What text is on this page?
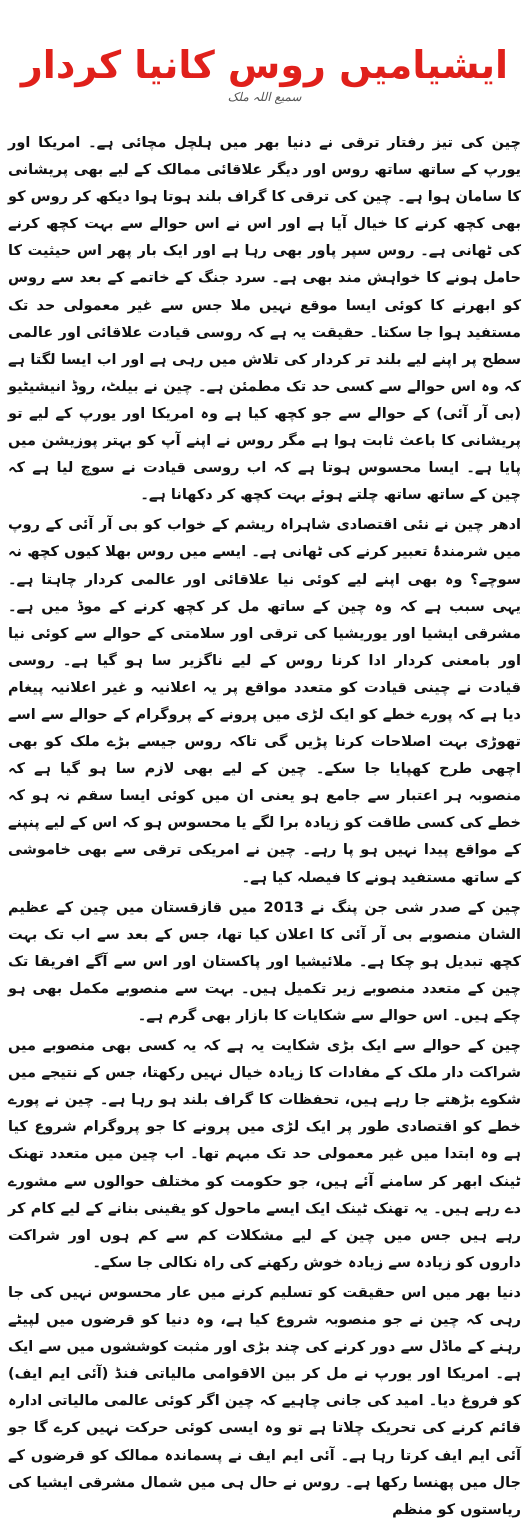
ایشیامیں روس کانیا کردار
سمیع اللہ ملک

چین کی تیز رفتار ترقی نے دنیا بھر میں ہلچل مچائی ہے۔ امریکا اور یورپ کے ساتھ ساتھ روس اور دیگر علاقائی ممالک کے لیے بھی پریشانی کا سامان ہوا ہے۔ چین کی ترقی کا گراف بلند ہوتا ہوا دیکھ کر روس کو بھی کچھ کرنے کا خیال آیا ہے اور اس نے اس حوالے سے بہت کچھ کرنے کی ٹھانی ہے۔ روس سپر پاور بھی رہا ہے اور ایک بار پھر اس حیثیت کا حامل ہونے کا خواہش مند بھی ہے۔ سرد جنگ کے خاتمے کے بعد سے روس کو ابھرنے کا کوئی ایسا موقع نہیں ملا جس سے غیر معمولی حد تک مستفید ہوا جا سکتا۔ حقیقت یہ ہے کہ روسی قیادت علاقائی اور عالمی سطح پر اپنے لیے بلند تر کردار کی تلاش میں رہی ہے اور اب ایسا لگتا ہے کہ وہ اس حوالے سے کسی حد تک مطمئن ہے۔ چین نے بیلٹ، روڈ انیشیٹیو (بی آر آئی) کے حوالے سے جو کچھ کیا ہے وہ امریکا اور یورپ کے لیے تو پریشانی کا باعث ثابت ہوا ہے مگر روس نے اپنے آپ کو بہتر پوزیشن میں پایا ہے۔ ایسا محسوس ہوتا ہے کہ اب روسی قیادت نے سوچ لیا ہے کہ چین کے ساتھ ساتھ چلتے ہوئے بہت کچھ کر دکھانا ہے۔

ادھر چین نے نئی اقتصادی شاہراہ ریشم کے خواب کو بی آر آئی کے روپ میں شرمندۂ تعبیر کرنے کی ٹھانی ہے۔ ایسے میں روس بھلا کیوں کچھ نہ سوچے؟ وہ بھی اپنے لیے کوئی نیا علاقائی اور عالمی کردار چاہتا ہے۔ یہی سبب ہے کہ وہ چین کے ساتھ مل کر کچھ کرنے کے موڈ میں ہے۔ مشرقی ایشیا اور یوریشیا کی ترقی اور سلامتی کے حوالے سے کوئی نیا اور بامعنی کردار ادا کرنا روس کے لیے ناگزیر سا ہو گیا ہے۔ روسی قیادت نے چینی قیادت کو متعدد مواقع پر یہ اعلانیہ و غیر اعلانیہ پیغام دیا ہے کہ پورے خطے کو ایک لڑی میں پرونے کے پروگرام کے حوالے سے اسے تھوڑی بہت اصلاحات کرنا پڑیں گی تاکہ روس جیسے بڑے ملک کو بھی اچھی طرح کھپایا جا سکے۔ چین کے لیے بھی لازم سا ہو گیا ہے کہ منصوبہ ہر اعتبار سے جامع ہو یعنی ان میں کوئی ایسا سقم نہ ہو کہ خطے کی کسی طاقت کو زیادہ برا لگے یا محسوس ہو کہ اس کے لیے پنپنے کے مواقع پیدا نہیں ہو پا رہے۔ چین نے امریکی ترقی سے بھی خاموشی کے ساتھ مستفید ہونے کا فیصلہ کیا ہے۔

چین کے صدر شی جن پنگ نے 2013 میں قازقستان میں چین کے عظیم الشان منصوبے بی آر آئی کا اعلان کیا تھا، جس کے بعد سے اب تک بہت کچھ تبدیل ہو چکا ہے۔ ملائیشیا اور پاکستان اور اس سے آگے افریقا تک چین کے متعدد منصوبے زیر تکمیل ہیں۔ بہت سے منصوبے مکمل بھی ہو چکے ہیں۔ اس حوالے سے شکایات کا بازار بھی گرم ہے۔

چین کے حوالے سے ایک بڑی شکایت یہ ہے کہ یہ کسی بھی منصوبے میں شراکت دار ملک کے مفادات کا زیادہ خیال نہیں رکھتا، جس کے نتیجے میں شکوے بڑھتے جا رہے ہیں، تحفظات کا گراف بلند ہو رہا ہے۔ چین نے پورے خطے کو اقتصادی طور پر ایک لڑی میں پرونے کا جو پروگرام شروع کیا ہے وہ ابتدا میں غیر معمولی حد تک مبہم تھا۔ اب چین میں متعدد تھنک ٹینک ابھر کر سامنے آئے ہیں، جو حکومت کو مختلف حوالوں سے مشورے دے رہے ہیں۔ یہ تھنک ٹینک ایک ایسے ماحول کو یقینی بنانے کے لیے کام کر رہے ہیں جس میں چین کے لیے مشکلات کم سے کم ہوں اور شراکت داروں کو زیادہ سے زیادہ خوش رکھنے کی راہ نکالی جا سکے۔

دنیا بھر میں اس حقیقت کو تسلیم کرنے میں عار محسوس نہیں کی جا رہی کہ چین نے جو منصوبہ شروع کیا ہے، وہ دنیا کو قرضوں میں لپیٹے رہنے کے ماڈل سے دور کرنے کی چند بڑی اور مثبت کوششوں میں سے ایک ہے۔ امریکا اور یورپ نے مل کر بین الاقوامی مالیاتی فنڈ (آئی ایم ایف) کو فروغ دیا۔ امید کی جانی چاہیے کہ چین اگر کوئی عالمی مالیاتی ادارہ قائم کرنے کی تحریک چلاتا ہے تو وہ ایسی کوئی حرکت نہیں کرے گا جو آئی ایم ایف کرتا رہا ہے۔ آئی ایم ایف نے پسماندہ ممالک کو قرضوں کے جال میں پھنسا رکھا ہے۔ روس نے حال ہی میں شمال مشرقی ایشیا کی ریاستوں کو منظم
